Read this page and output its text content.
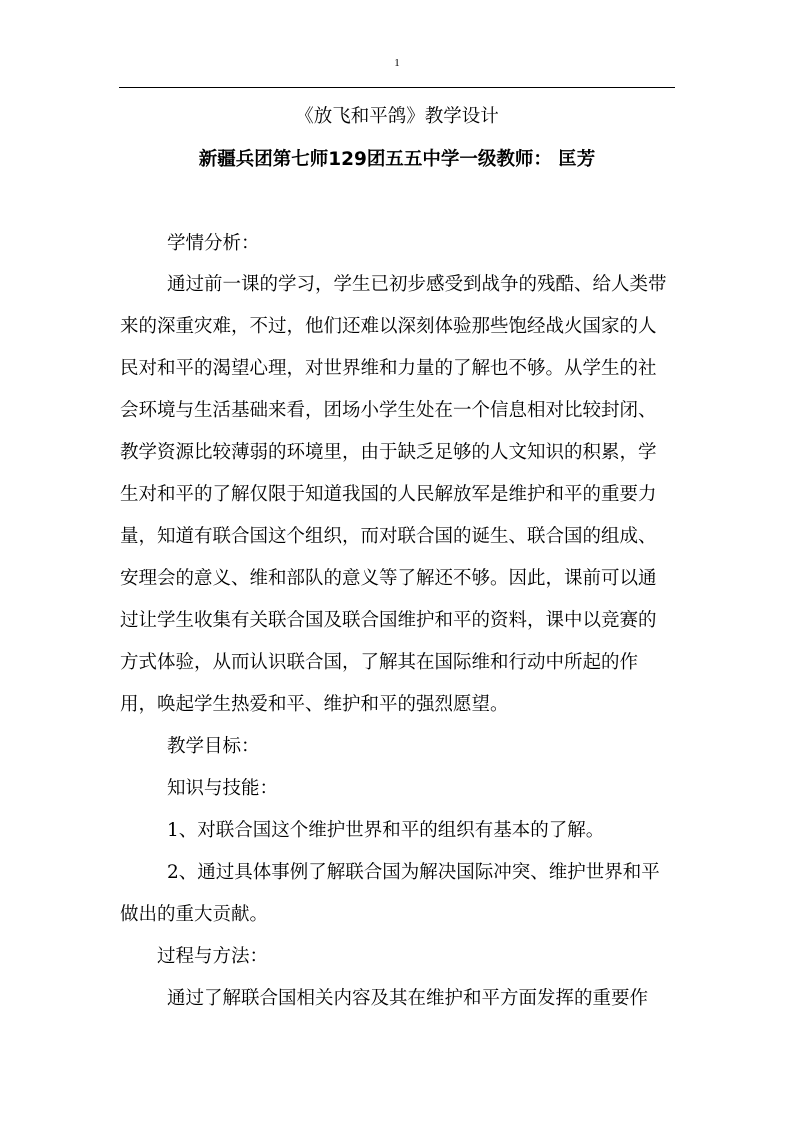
1
《放飞和平鸽》教学设计
新疆兵团第七师129团五五中学一级教师： 匡芳
学情分析：
通过前一课的学习，学生已初步感受到战争的残酷、给人类带
来的深重灾难，不过，他们还难以深刻体验那些饱经战火国家的人
民对和平的渴望心理，对世界维和力量的了解也不够。从学生的社
会环境与生活基础来看，团场小学生处在一个信息相对比较封闭、
教学资源比较薄弱的环境里，由于缺乏足够的人文知识的积累，学
生对和平的了解仅限于知道我国的人民解放军是维护和平的重要力
量，知道有联合国这个组织，而对联合国的诞生、联合国的组成、
安理会的意义、维和部队的意义等了解还不够。因此，课前可以通
过让学生收集有关联合国及联合国维护和平的资料，课中以竞赛的
方式体验，从而认识联合国，了解其在国际维和行动中所起的作
用，唤起学生热爱和平、维护和平的强烈愿望。
教学目标：
知识与技能：
1、对联合国这个维护世界和平的组织有基本的了解。
2、通过具体事例了解联合国为解决国际冲突、维护世界和平
做出的重大贡献。
过程与方法：
通过了解联合国相关内容及其在维护和平方面发挥的重要作
